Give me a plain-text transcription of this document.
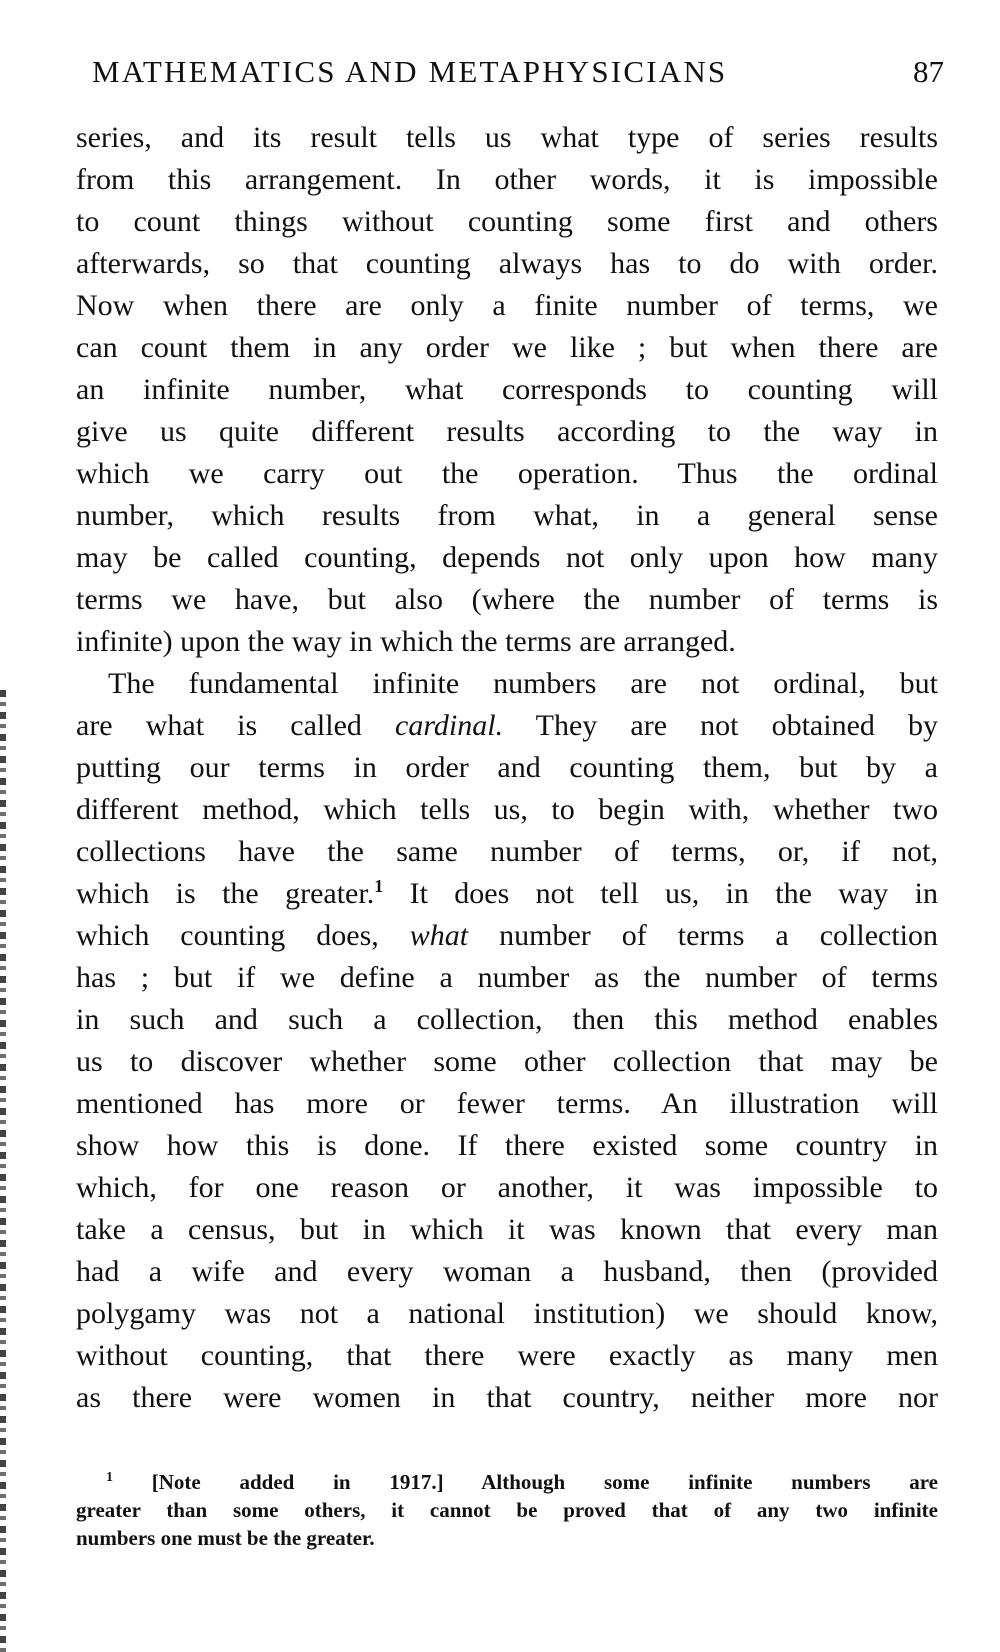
MATHEMATICS AND METAPHYSICIANS	87
series, and its result tells us what type of series results
from this arrangement. In other words, it is impossible
to count things without counting some first and others
afterwards, so that counting always has to do with order.
Now when there are only a finite number of terms, we
can count them in any order we like ; but when there are
an infinite number, what corresponds to counting will
give us quite different results according to the way in
which we carry out the operation. Thus the ordinal
number, which results from what, in a general sense
may be called counting, depends not only upon how many
terms we have, but also (where the number of terms is
infinite) upon the way in which the terms are arranged.
The fundamental infinite numbers are not ordinal, but
are what is called cardinal. They are not obtained by
putting our terms in order and counting them, but by a
different method, which tells us, to begin with, whether two
collections have the same number of terms, or, if not,
which is the greater.$^1$ It does not tell us, in the way in
which counting does, what number of terms a collection
has ; but if we define a number as the number of terms
in such and such a collection, then this method enables
us to discover whether some other collection that may be
mentioned has more or fewer terms. An illustration will
show how this is done. If there existed some country in
which, for one reason or another, it was impossible to
take a census, but in which it was known that every man
had a wife and every woman a husband, then (provided
polygamy was not a national institution) we should know,
without counting, that there were exactly as many men
as there were women in that country, neither more nor
$^1$ [Note added in 1917.] Although some infinite numbers are
greater than some others, it cannot be proved that of any two infinite
numbers one must be the greater.
